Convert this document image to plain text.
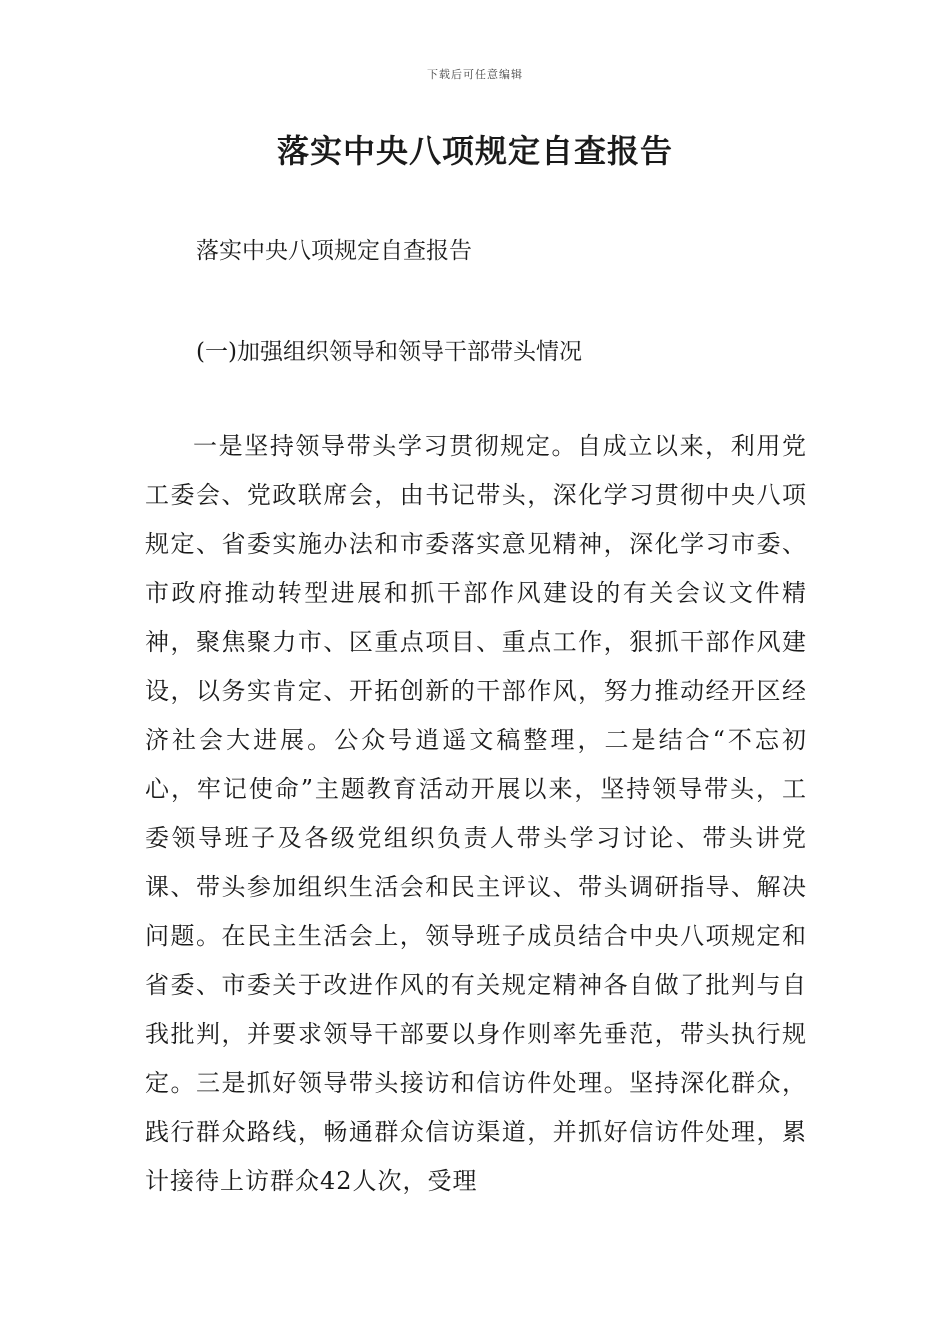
下载后可任意编辑
落实中央八项规定自查报告

落实中央八项规定自查报告

(一)加强组织领导和领导干部带头情况

一是坚持领导带头学习贯彻规定。自成立以来，利用党工委会、党政联席会，由书记带头，深化学习贯彻中央八项规定、省委实施办法和市委落实意见精神，深化学习市委、市政府推动转型进展和抓干部作风建设的有关会议文件精神，聚焦聚力市、区重点项目、重点工作，狠抓干部作风建设，以务实肯定、开拓创新的干部作风，努力推动经开区经济社会大进展。公众号逍遥文稿整理，二是结合“不忘初心，牢记使命”主题教育活动开展以来，坚持领导带头，工委领导班子及各级党组织负责人带头学习讨论、带头讲党课、带头参加组织生活会和民主评议、带头调研指导、解决问题。在民主生活会上，领导班子成员结合中央八项规定和省委、市委关于改进作风的有关规定精神各自做了批判与自我批判，并要求领导干部要以身作则率先垂范，带头执行规定。三是抓好领导带头接访和信访件处理。坚持深化群众，践行群众路线，畅通群众信访渠道，并抓好信访件处理，累计接待上访群众42人次，受理
